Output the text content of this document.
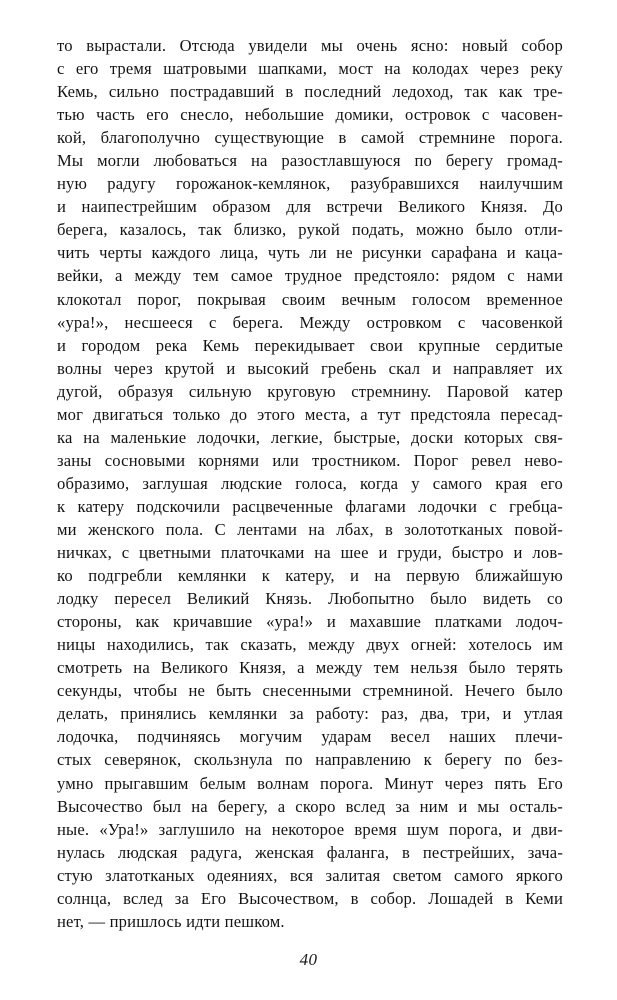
то вырастали. Отсюда увидели мы очень ясно: новый собор
с его тремя шатровыми шапками, мост на колодах через реку
Кемь, сильно пострадавший в последний ледоход, так как тре-
тью часть его снесло, небольшие домики, островок с часовен-
кой, благополучно существующие в самой стремнине порога.
Мы могли любоваться на разостлавшуюся по берегу громад-
ную радугу горожанок-кемлянок, разубравшихся наилучшим
и наипестрейшим образом для встречи Великого Князя. До
берега, казалось, так близко, рукой подать, можно было отли-
чить черты каждого лица, чуть ли не рисунки сарафана и каца-
вейки, а между тем самое трудное предстояло: рядом с нами
клокотал порог, покрывая своим вечным голосом временное
«ура!», несшееся с берега. Между островком с часовенкой
и городом река Кемь перекидывает свои крупные сердитые
волны через крутой и высокий гребень скал и направляет их
дугой, образуя сильную круговую стремнину. Паровой катер
мог двигаться только до этого места, а тут предстояла пересад-
ка на маленькие лодочки, легкие, быстрые, доски которых свя-
заны сосновыми корнями или тростником. Порог ревел нево-
образимо, заглушая людские голоса, когда у самого края его
к катеру подскочили расцвеченные флагами лодочки с гребца-
ми женского пола. С лентами на лбах, в золототканых повой-
ничках, с цветными платочками на шее и груди, быстро и лов-
ко подгребли кемлянки к катеру, и на первую ближайшую
лодку пересел Великий Князь. Любопытно было видеть со
стороны, как кричавшие «ура!» и махавшие платками лодоч-
ницы находились, так сказать, между двух огней: хотелось им
смотреть на Великого Князя, а между тем нельзя было терять
секунды, чтобы не быть снесенными стремниной. Нечего было
делать, принялись кемлянки за работу: раз, два, три, и утлая
лодочка, подчиняясь могучим ударам весел наших плечи-
стых северянок, скользнула по направлению к берегу по без-
умно прыгавшим белым волнам порога. Минут через пять Его
Высочество был на берегу, а скоро вслед за ним и мы осталь-
ные. «Ура!» заглушило на некоторое время шум порога, и дви-
нулась людская радуга, женская фаланга, в пестрейших, зача-
стую златотканых одеяниях, вся залитая светом самого яркого
солнца, вслед за Его Высочеством, в собор. Лошадей в Кеми
нет, — пришлось идти пешком.
40
